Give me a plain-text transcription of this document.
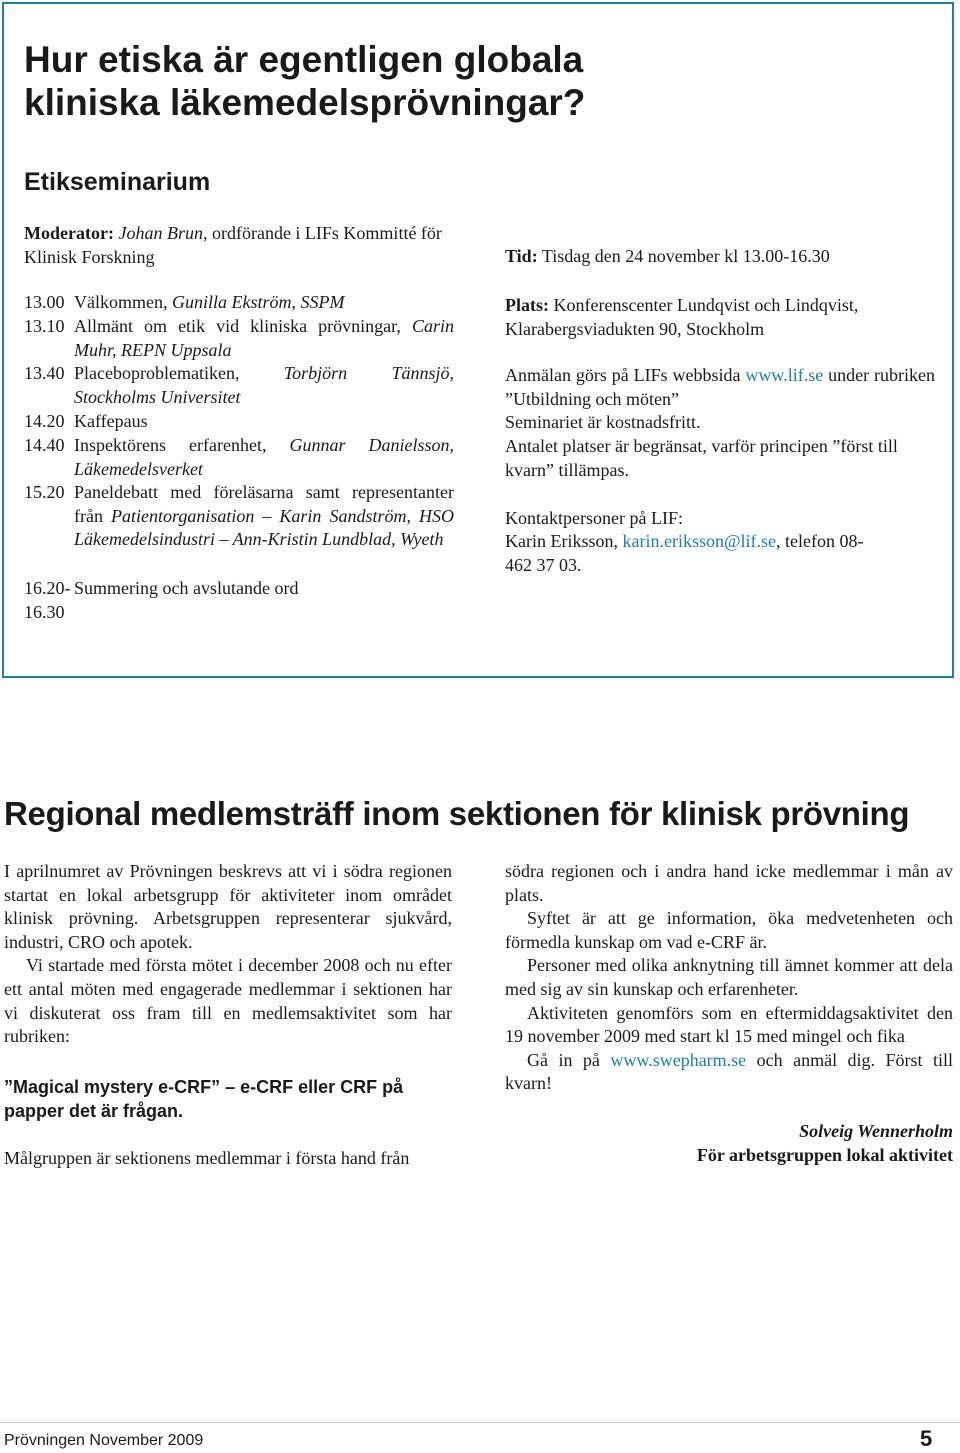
Hur etiska är egentligen globala kliniska läkemedelsprövningar?
Etikseminarium
Moderator: Johan Brun, ordförande i LIFs Kommitté för Klinisk Forskning
13.00 Välkommen, Gunilla Ekström, SSPM
13.10 Allmänt om etik vid kliniska prövningar, Carin Muhr, REPN Uppsala
13.40 Placeboproblematiken, Torbjörn Tännsjö, Stockholms Universitet
14.20 Kaffepaus
14.40 Inspektörens erfarenhet, Gunnar Danielsson, Läkemedelsverket
15.20 Paneldebatt med föreläsarna samt representanter från Patientorganisation – Karin Sandström, HSO Läkemedelsindustri – Ann-Kristin Lundblad, Wyeth
16.20-16.30
Summering och avslutande ord
Tid: Tisdag den 24 november kl 13.00-16.30
Plats: Konferenscenter Lundqvist och Lindqvist, Klarabergsviadukten 90, Stockholm
Anmälan görs på LIFs webbsida www.lif.se under rubriken ”Utbildning och möten”
Seminariet är kostnadsfritt.
Antalet platser är begränsat, varför principen ”först till kvarn” tillämpas.
Kontaktpersoner på LIF:
Karin Eriksson, karin.eriksson@lif.se, telefon 08-462 37 03.
Regional medlemsträff inom sektionen för klinisk prövning
I aprilnumret av Prövningen beskrevs att vi i södra regionen startat en lokal arbetsgrupp för aktiviteter inom området klinisk prövning. Arbetsgruppen representerar sjukvård, industri, CRO och apotek.
Vi startade med första mötet i december 2008 och nu efter ett antal möten med engagerade medlemmar i sektionen har vi diskuterat oss fram till en medlemsaktivitet som har rubriken:
”Magical mystery e-CRF” – e-CRF eller CRF på papper det är frågan.
Målgruppen är sektionens medlemmar i första hand från
södra regionen och i andra hand icke medlemmar i mån av plats.
Syftet är att ge information, öka medvetenheten och förmedla kunskap om vad e-CRF är.
Personer med olika anknytning till ämnet kommer att dela med sig av sin kunskap och erfarenheter.
Aktiviteten genomförs som en eftermiddagsaktivitet den 19 november 2009 med start kl 15 med mingel och fika
Gå in på www.swepharm.se och anmäl dig. Först till kvarn!
Solveig Wennerholm
För arbetsgruppen lokal aktivitet
Prövningen November 2009	5
